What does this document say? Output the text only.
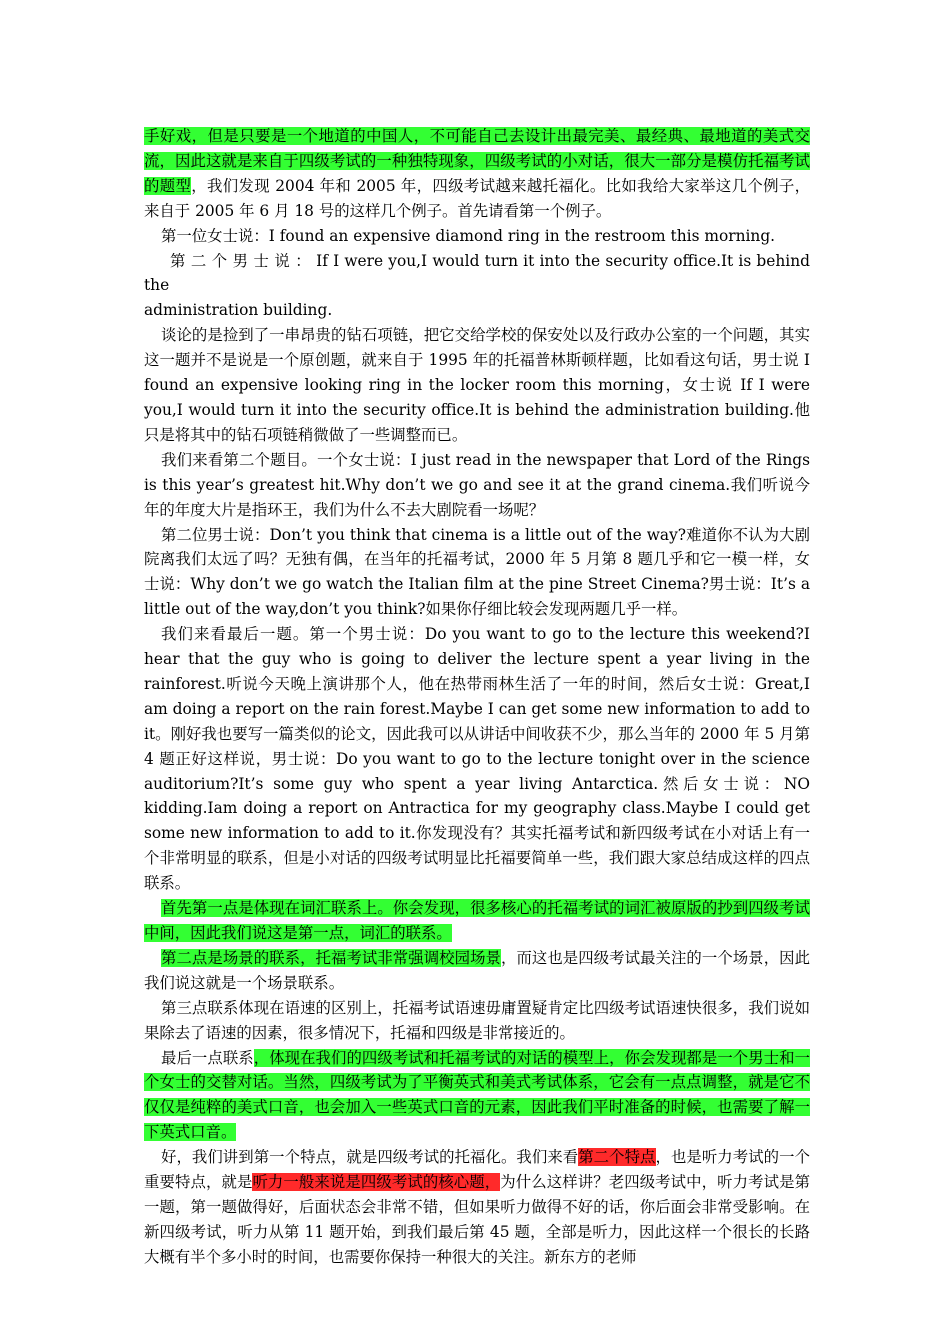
手好戏，但是只要是一个地道的中国人，不可能自己去设计出最完美、最经典、最地道的美式交流，因此这就是来自于四级考试的一种独特现象，四级考试的小对话，很大一部分是模仿托福考试的题型，我们发现 2004 年和 2005 年，四级考试越来越托福化。比如我给大家举这几个例子，来自于 2005 年 6 月 18 号的这样几个例子。首先请看第一个例子。

第一位女士说：I found an expensive diamond ring in the restroom this morning.

第 二 个 男 士 说 ： If I were you,I would turn it into the security office.It is behind the

administration building.

谈论的是捡到了一串昂贵的钻石项链，把它交给学校的保安处以及行政办公室的一个问题，其实这一题并不是说是一个原创题，就来自于 1995 年的托福普林斯顿样题，比如看这句话，男士说 I found an expensive looking ring in the locker room this morning，女士说 If I were you,I would turn it into the security office.It is behind the administration building.他只是将其中的钻石项链稍微做了一些调整而已。

我们来看第二个题目。一个女士说：I just read in the newspaper that Lord of the Rings is this year’s greatest hit.Why don’t we go and see it at the grand cinema.我们听说今年的年度大片是指环王，我们为什么不去大剧院看一场呢？

第二位男士说：Don’t you think that cinema is a little out of the way?难道你不认为大剧院离我们太远了吗？无独有偶，在当年的托福考试，2000 年 5 月第 8 题几乎和它一模一样，女士说：Why don’t we go watch the Italian film at the pine Street Cinema?男士说：It’s a little out of the way,don’t you think?如果你仔细比较会发现两题几乎一样。

我们来看最后一题。第一个男士说：Do you want to go to the lecture this weekend?I hear that the guy who is going to deliver the lecture spent a year living in the rainforest.听说今天晚上演讲那个人，他在热带雨林生活了一年的时间，然后女士说：Great,I am doing a report on the rain forest.Maybe I can get some new information to add to it。刚好我也要写一篇类似的论文，因此我可以从讲话中间收获不少，那么当年的 2000 年 5 月第 4 题正好这样说，男士说：Do you want to go to the lecture tonight over in the science auditorium?It’s some guy who spent a year living Antarctica.然后女士说：NO kidding.Iam doing a report on Antractica for my geography class.Maybe I could get some new information to add to it.你发现没有？其实托福考试和新四级考试在小对话上有一个非常明显的联系，但是小对话的四级考试明显比托福要简单一些，我们跟大家总结成这样的四点联系。

首先第一点是体现在词汇联系上。你会发现，很多核心的托福考试的词汇被原版的抄到四级考试中间，因此我们说这是第一点，词汇的联系。

第二点是场景的联系，托福考试非常强调校园场景，而这也是四级考试最关注的一个场景，因此我们说这就是一个场景联系。

第三点联系体现在语速的区别上，托福考试语速毋庸置疑肯定比四级考试语速快很多，我们说如果除去了语速的因素，很多情况下，托福和四级是非常接近的。

最后一点联系，体现在我们的四级考试和托福考试的对话的模型上，你会发现都是一个男士和一个女士的交替对话。当然，四级考试为了平衡英式和美式考试体系，它会有一点点调整，就是它不仅仅是纯粹的美式口音，也会加入一些英式口音的元素，因此我们平时准备的时候，也需要了解一下英式口音。

好，我们讲到第一个特点，就是四级考试的托福化。我们来看第二个特点，也是听力考试的一个重要特点，就是听力一般来说是四级考试的核心题，为什么这样讲？老四级考试中，听力考试是第一题，第一题做得好，后面状态会非常不错，但如果听力做得不好的话，你后面会非常受影响。在新四级考试，听力从第 11 题开始，到我们最后第 45 题，全部是听力，因此这样一个很长的长路大概有半个多小时的时间，也需要你保持一种很大的关注。新东方的老师
